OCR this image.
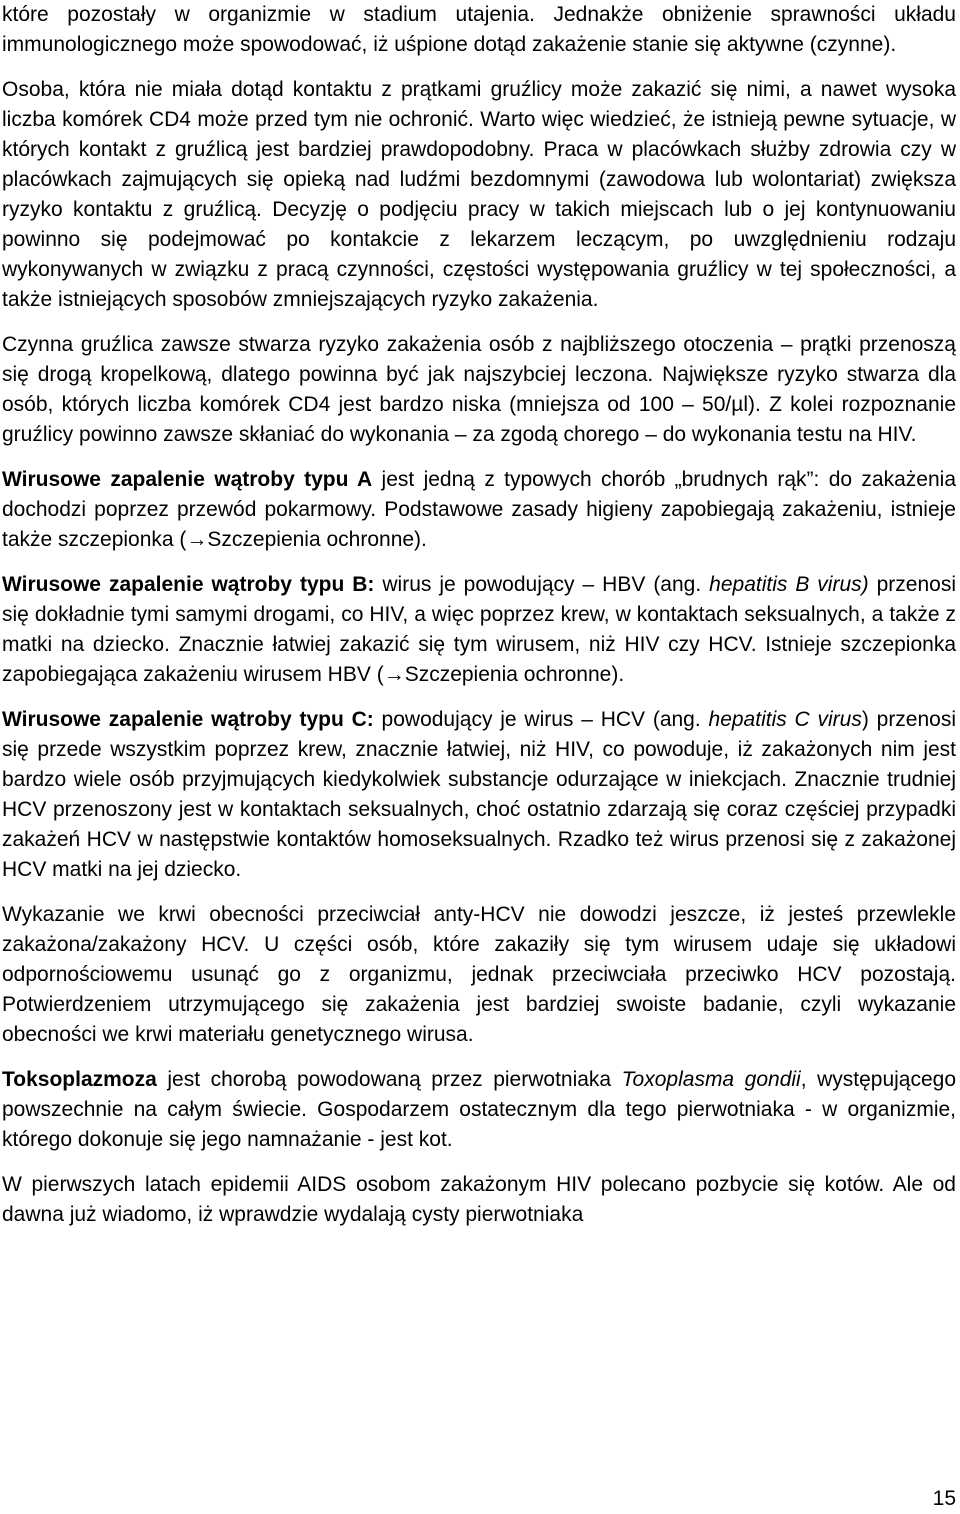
które pozostały w organizmie w stadium utajenia. Jednakże obniżenie sprawności układu immunologicznego może spowodować, iż uśpione dotąd zakażenie stanie się aktywne (czynne).

Osoba, która nie miała dotąd kontaktu z prątkami gruźlicy może zakazić się nimi, a nawet wysoka liczba komórek CD4 może przed tym nie ochronić. Warto więc wiedzieć, że istnieją pewne sytuacje, w których kontakt z gruźlicą jest bardziej prawdopodobny. Praca w placówkach służby zdrowia czy w placówkach zajmujących się opieką nad ludźmi bezdomnymi (zawodowa lub wolontariat) zwiększa ryzyko kontaktu z gruźlicą. Decyzję o podjęciu pracy w takich miejscach lub o jej kontynuowaniu powinno się podejmować po kontakcie z lekarzem leczącym, po uwzględnieniu rodzaju wykonywanych w związku z pracą czynności, częstości występowania gruźlicy w tej społeczności, a także istniejących sposobów zmniejszających ryzyko zakażenia.

Czynna gruźlica zawsze stwarza ryzyko zakażenia osób z najbliższego otoczenia – prątki przenoszą się drogą kropelkową, dlatego powinna być jak najszybciej leczona. Największe ryzyko stwarza dla osób, których liczba komórek CD4 jest bardzo niska (mniejsza od 100 – 50/µl). Z kolei rozpoznanie gruźlicy powinno zawsze skłaniać do wykonania – za zgodą chorego – do wykonania testu na HIV.

Wirusowe zapalenie wątroby typu A jest jedną z typowych chorób „brudnych rąk”: do zakażenia dochodzi poprzez przewód pokarmowy. Podstawowe zasady higieny zapobiegają zakażeniu, istnieje także szczepionka (→Szczepienia ochronne).

Wirusowe zapalenie wątroby typu B: wirus je powodujący – HBV (ang. hepatitis B virus) przenosi się dokładnie tymi samymi drogami, co HIV, a więc poprzez krew, w kontaktach seksualnych, a także z matki na dziecko. Znacznie łatwiej zakazić się tym wirusem, niż HIV czy HCV. Istnieje szczepionka zapobiegająca zakażeniu wirusem HBV (→Szczepienia ochronne).

Wirusowe zapalenie wątroby typu C: powodujący je wirus – HCV (ang. hepatitis C virus) przenosi się przede wszystkim poprzez krew, znacznie łatwiej, niż HIV, co powoduje, iż zakażonych nim jest bardzo wiele osób przyjmujących kiedykolwiek substancje odurzające w iniekcjach. Znacznie trudniej HCV przenoszony jest w kontaktach seksualnych, choć ostatnio zdarzają się coraz częściej przypadki zakażeń HCV w następstwie kontaktów homoseksualnych. Rzadko też wirus przenosi się z zakażonej HCV matki na jej dziecko.

Wykazanie we krwi obecności przeciwciał anty-HCV nie dowodzi jeszcze, iż jesteś przewlekle zakażona/zakażony HCV. U części osób, które zakaziły się tym wirusem udaje się układowi odpornościowemu usunąć go z organizmu, jednak przeciwciała przeciwko HCV pozostają. Potwierdzeniem utrzymującego się zakażenia jest bardziej swoiste badanie, czyli wykazanie obecności we krwi materiału genetycznego wirusa.

Toksoplazmoza jest chorobą powodowaną przez pierwotniaka Toxoplasma gondii, występującego powszechnie na całym świecie. Gospodarzem ostatecznym dla tego pierwotniaka - w organizmie, którego dokonuje się jego namnażanie - jest kot.

W pierwszych latach epidemii AIDS osobom zakażonym HIV polecano pozbycie się kotów. Ale od dawna już wiadomo, iż wprawdzie wydalają cysty pierwotniaka

15
